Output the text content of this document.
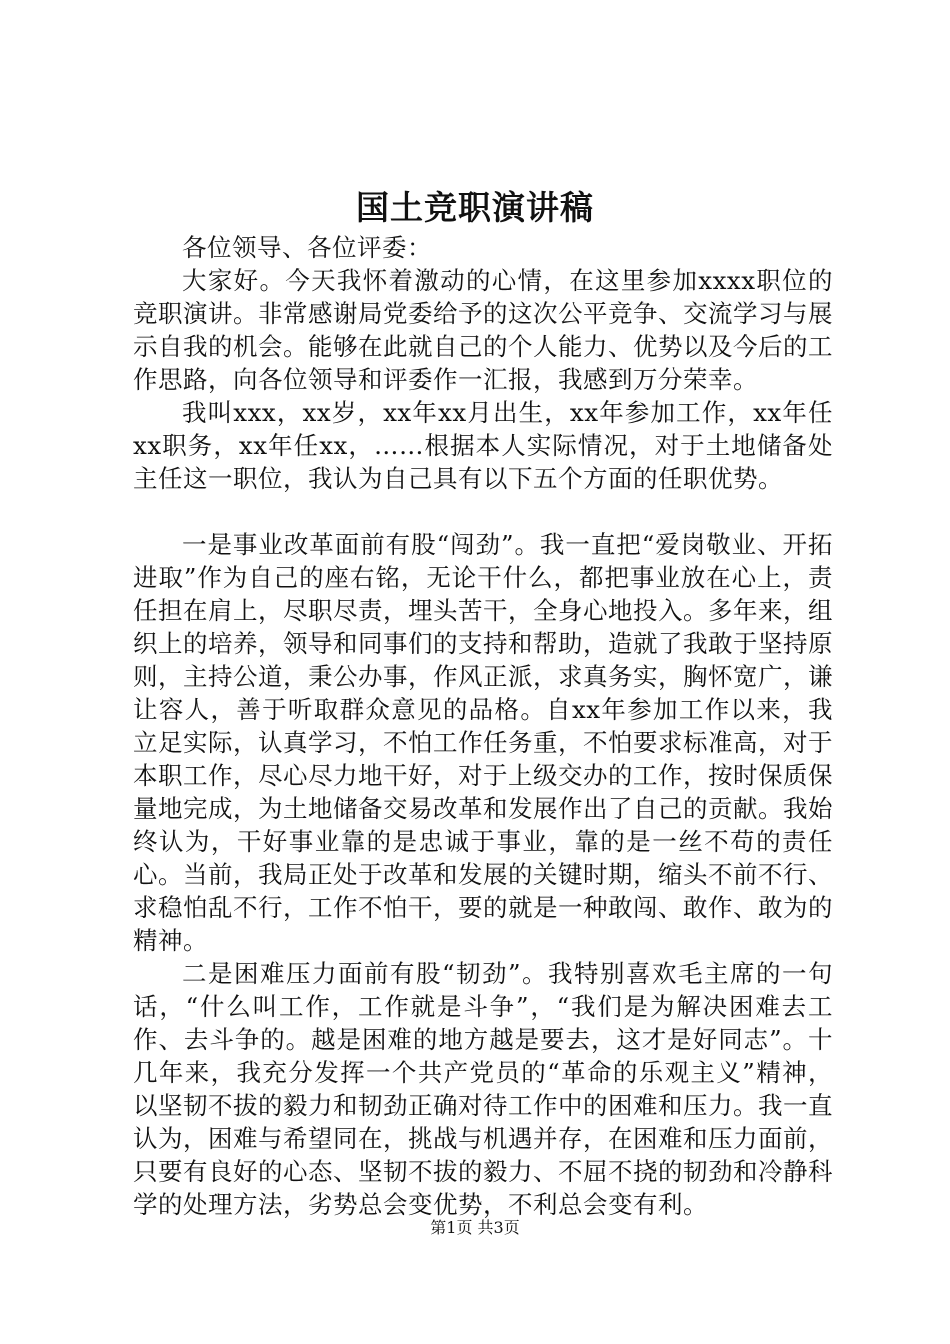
国土竞职演讲稿

各位领导、各位评委：

大家好。今天我怀着激动的心情，在这里参加xxxx职位的竞职演讲。非常感谢局党委给予的这次公平竞争、交流学习与展示自我的机会。能够在此就自己的个人能力、优势以及今后的工作思路，向各位领导和评委作一汇报，我感到万分荣幸。

我叫xxx，xx岁，xx年xx月出生，xx年参加工作，xx年任xx职务，xx年任xx，……根据本人实际情况，对于土地储备处主任这一职位，我认为自己具有以下五个方面的任职优势。

一是事业改革面前有股“闯劲”。我一直把“爱岗敬业、开拓进取”作为自己的座右铭，无论干什么，都把事业放在心上，责任担在肩上，尽职尽责，埋头苦干，全身心地投入。多年来，组织上的培养，领导和同事们的支持和帮助，造就了我敢于坚持原则，主持公道，秉公办事，作风正派，求真务实，胸怀宽广，谦让容人，善于听取群众意见的品格。自xx年参加工作以来，我立足实际，认真学习，不怕工作任务重，不怕要求标准高，对于本职工作，尽心尽力地干好，对于上级交办的工作，按时保质保量地完成，为土地储备交易改革和发展作出了自己的贡献。我始终认为，干好事业靠的是忠诚于事业，靠的是一丝不苟的责任心。当前，我局正处于改革和发展的关键时期，缩头不前不行、求稳怕乱不行，工作不怕干，要的就是一种敢闯、敢作、敢为的精神。

二是困难压力面前有股“韧劲”。我特别喜欢毛主席的一句话，“什么叫工作，工作就是斗争”，“我们是为解决困难去工作、去斗争的。越是困难的地方越是要去，这才是好同志”。十几年来，我充分发挥一个共产党员的“革命的乐观主义”精神，以坚韧不拔的毅力和韧劲正确对待工作中的困难和压力。我一直认为，困难与希望同在，挑战与机遇并存，在困难和压力面前，只要有良好的心态、坚韧不拔的毅力、不屈不挠的韧劲和冷静科学的处理方法，劣势总会变优势，不利总会变有利。

第1页 共3页
